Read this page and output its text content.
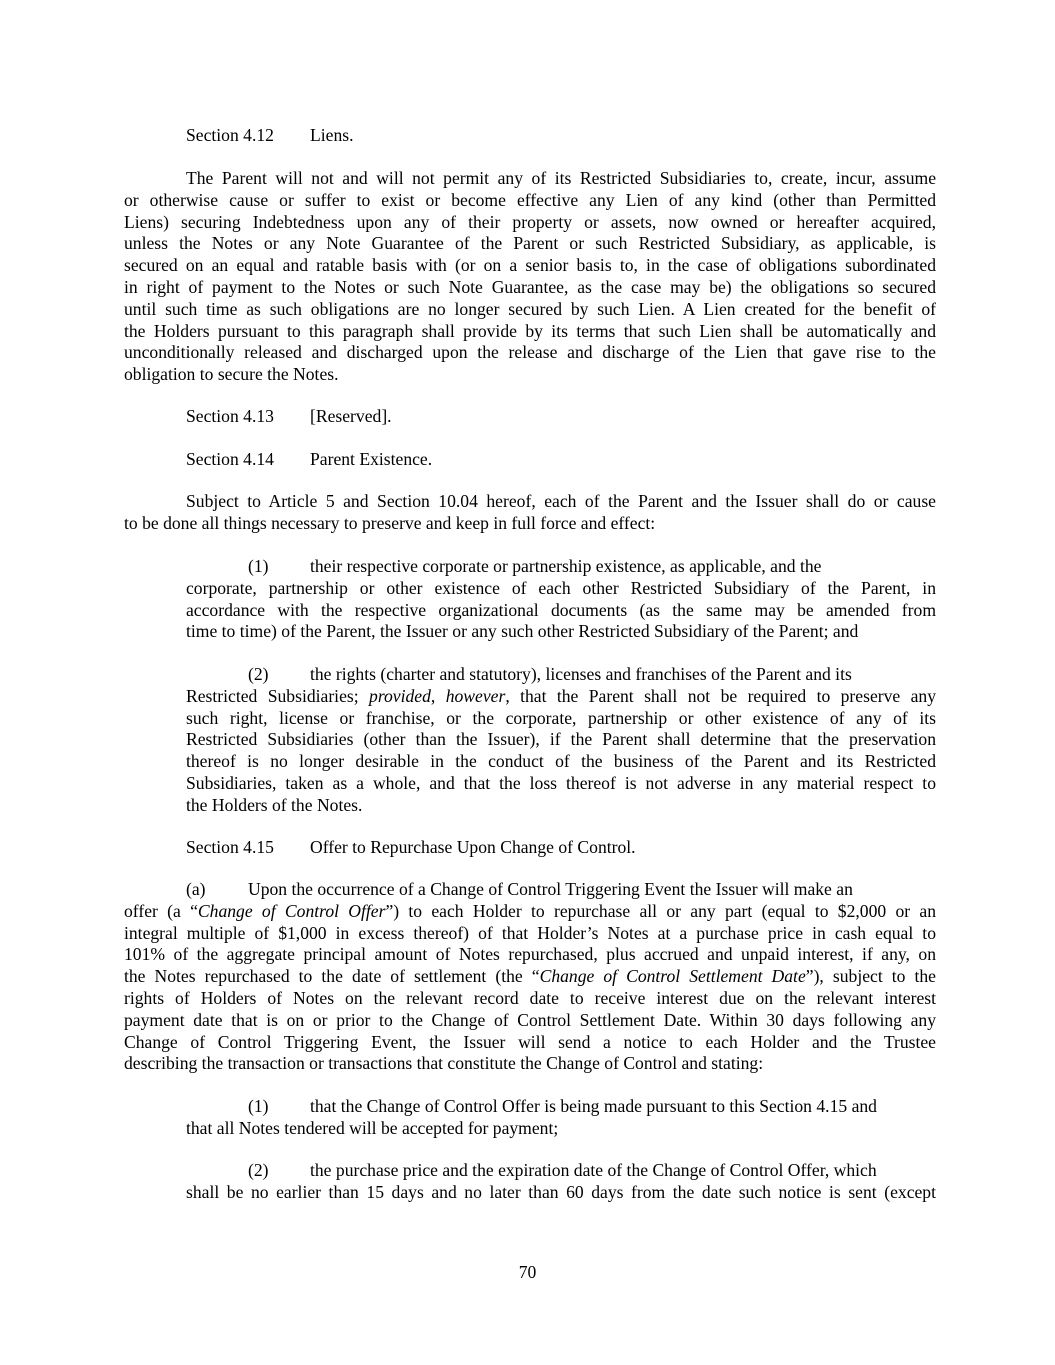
Section 4.12 Liens.
The Parent will not and will not permit any of its Restricted Subsidiaries to, create, incur, assume
or otherwise cause or suffer to exist or become effective any Lien of any kind (other than Permitted
Liens) securing Indebtedness upon any of their property or assets, now owned or hereafter acquired,
unless the Notes or any Note Guarantee of the Parent or such Restricted Subsidiary, as applicable, is
secured on an equal and ratable basis with (or on a senior basis to, in the case of obligations subordinated
in right of payment to the Notes or such Note Guarantee, as the case may be) the obligations so secured
until such time as such obligations are no longer secured by such Lien. A Lien created for the benefit of
the Holders pursuant to this paragraph shall provide by its terms that such Lien shall be automatically and
unconditionally released and discharged upon the release and discharge of the Lien that gave rise to the
obligation to secure the Notes.
Section 4.13 [Reserved].
Section 4.14 Parent Existence.
Subject to Article 5 and Section 10.04 hereof, each of the Parent and the Issuer shall do or cause
to be done all things necessary to preserve and keep in full force and effect:
(1) their respective corporate or partnership existence, as applicable, and the
corporate, partnership or other existence of each other Restricted Subsidiary of the Parent, in
accordance with the respective organizational documents (as the same may be amended from
time to time) of the Parent, the Issuer or any such other Restricted Subsidiary of the Parent; and
(2) the rights (charter and statutory), licenses and franchises of the Parent and its
Restricted Subsidiaries; provided, however, that the Parent shall not be required to preserve any
such right, license or franchise, or the corporate, partnership or other existence of any of its
Restricted Subsidiaries (other than the Issuer), if the Parent shall determine that the preservation
thereof is no longer desirable in the conduct of the business of the Parent and its Restricted
Subsidiaries, taken as a whole, and that the loss thereof is not adverse in any material respect to
the Holders of the Notes.
Section 4.15 Offer to Repurchase Upon Change of Control.
(a) Upon the occurrence of a Change of Control Triggering Event the Issuer will make an
offer (a “Change of Control Offer”) to each Holder to repurchase all or any part (equal to $2,000 or an
integral multiple of $1,000 in excess thereof) of that Holder’s Notes at a purchase price in cash equal to
101% of the aggregate principal amount of Notes repurchased, plus accrued and unpaid interest, if any, on
the Notes repurchased to the date of settlement (the “Change of Control Settlement Date”), subject to the
rights of Holders of Notes on the relevant record date to receive interest due on the relevant interest
payment date that is on or prior to the Change of Control Settlement Date. Within 30 days following any
Change of Control Triggering Event, the Issuer will send a notice to each Holder and the Trustee
describing the transaction or transactions that constitute the Change of Control and stating:
(1) that the Change of Control Offer is being made pursuant to this Section 4.15 and
that all Notes tendered will be accepted for payment;
(2) the purchase price and the expiration date of the Change of Control Offer, which
shall be no earlier than 15 days and no later than 60 days from the date such notice is sent (except
70
